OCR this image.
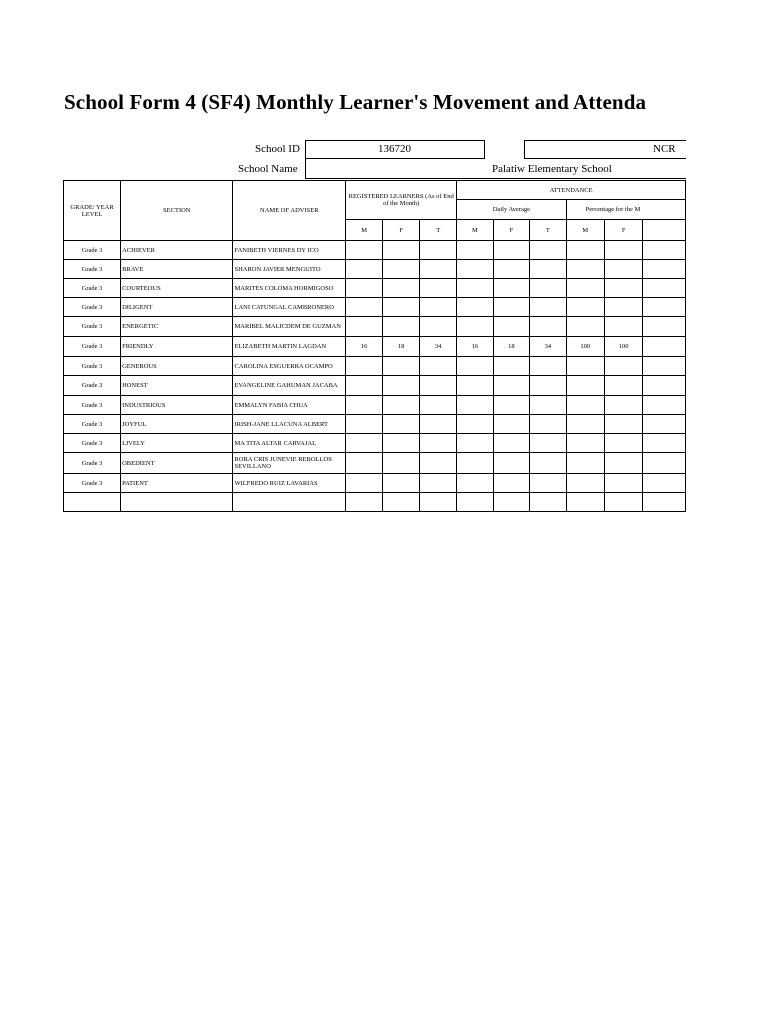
School Form 4 (SF4) Monthly Learner's Movement and Attenda
School ID	136720	NCR
School Name	Palatiw Elementary School
GRADE/ YEAR LEVEL	SECTION	NAME OF ADVISER	REGISTERED LEARNERS (As of End of the Month)			ATTENDANCE					
						Daily Average			Percentage for the M		
			M	F	T	M	F	T	M	F	
Grade 3	ACHIEVER	FANIBETH VIERNES DY ICO									
Grade 3	BRAVE	SHARON JAVIER MENGUITO									
Grade 3	COURTEOUS	MARITES COLOMA HORMIGOSO									
Grade 3	DILIGENT	LANI CATUNGAL CAMBRONERO									
Grade 3	ENERGETIC	MARIBEL MALICDEM DE GUZMAN									
Grade 3	FRIENDLY	ELIZABETH MARTIN LAGDAN	16	18	34	16	18	34	100	100	
Grade 3	GENEROUS	CAROLINA ESGUERRA OCAMPO									
Grade 3	HONEST	EVANGELINE GAHUMAN JACABA									
Grade 3	INDUSTRIOUS	EMMALYN FABIA CHUA									
Grade 3	JOYFUL	IRISH-JANE LLACUNA ALBERT									
Grade 3	LIVELY	MA TITA ALTAR CARVAJAL									
Grade 3	OBEDIENT	RORA CRIS JUNEVIE REBOLLOS SEVILLANO									
Grade 3	PATIENT	WILFREDO RUIZ LAVARIAS									
